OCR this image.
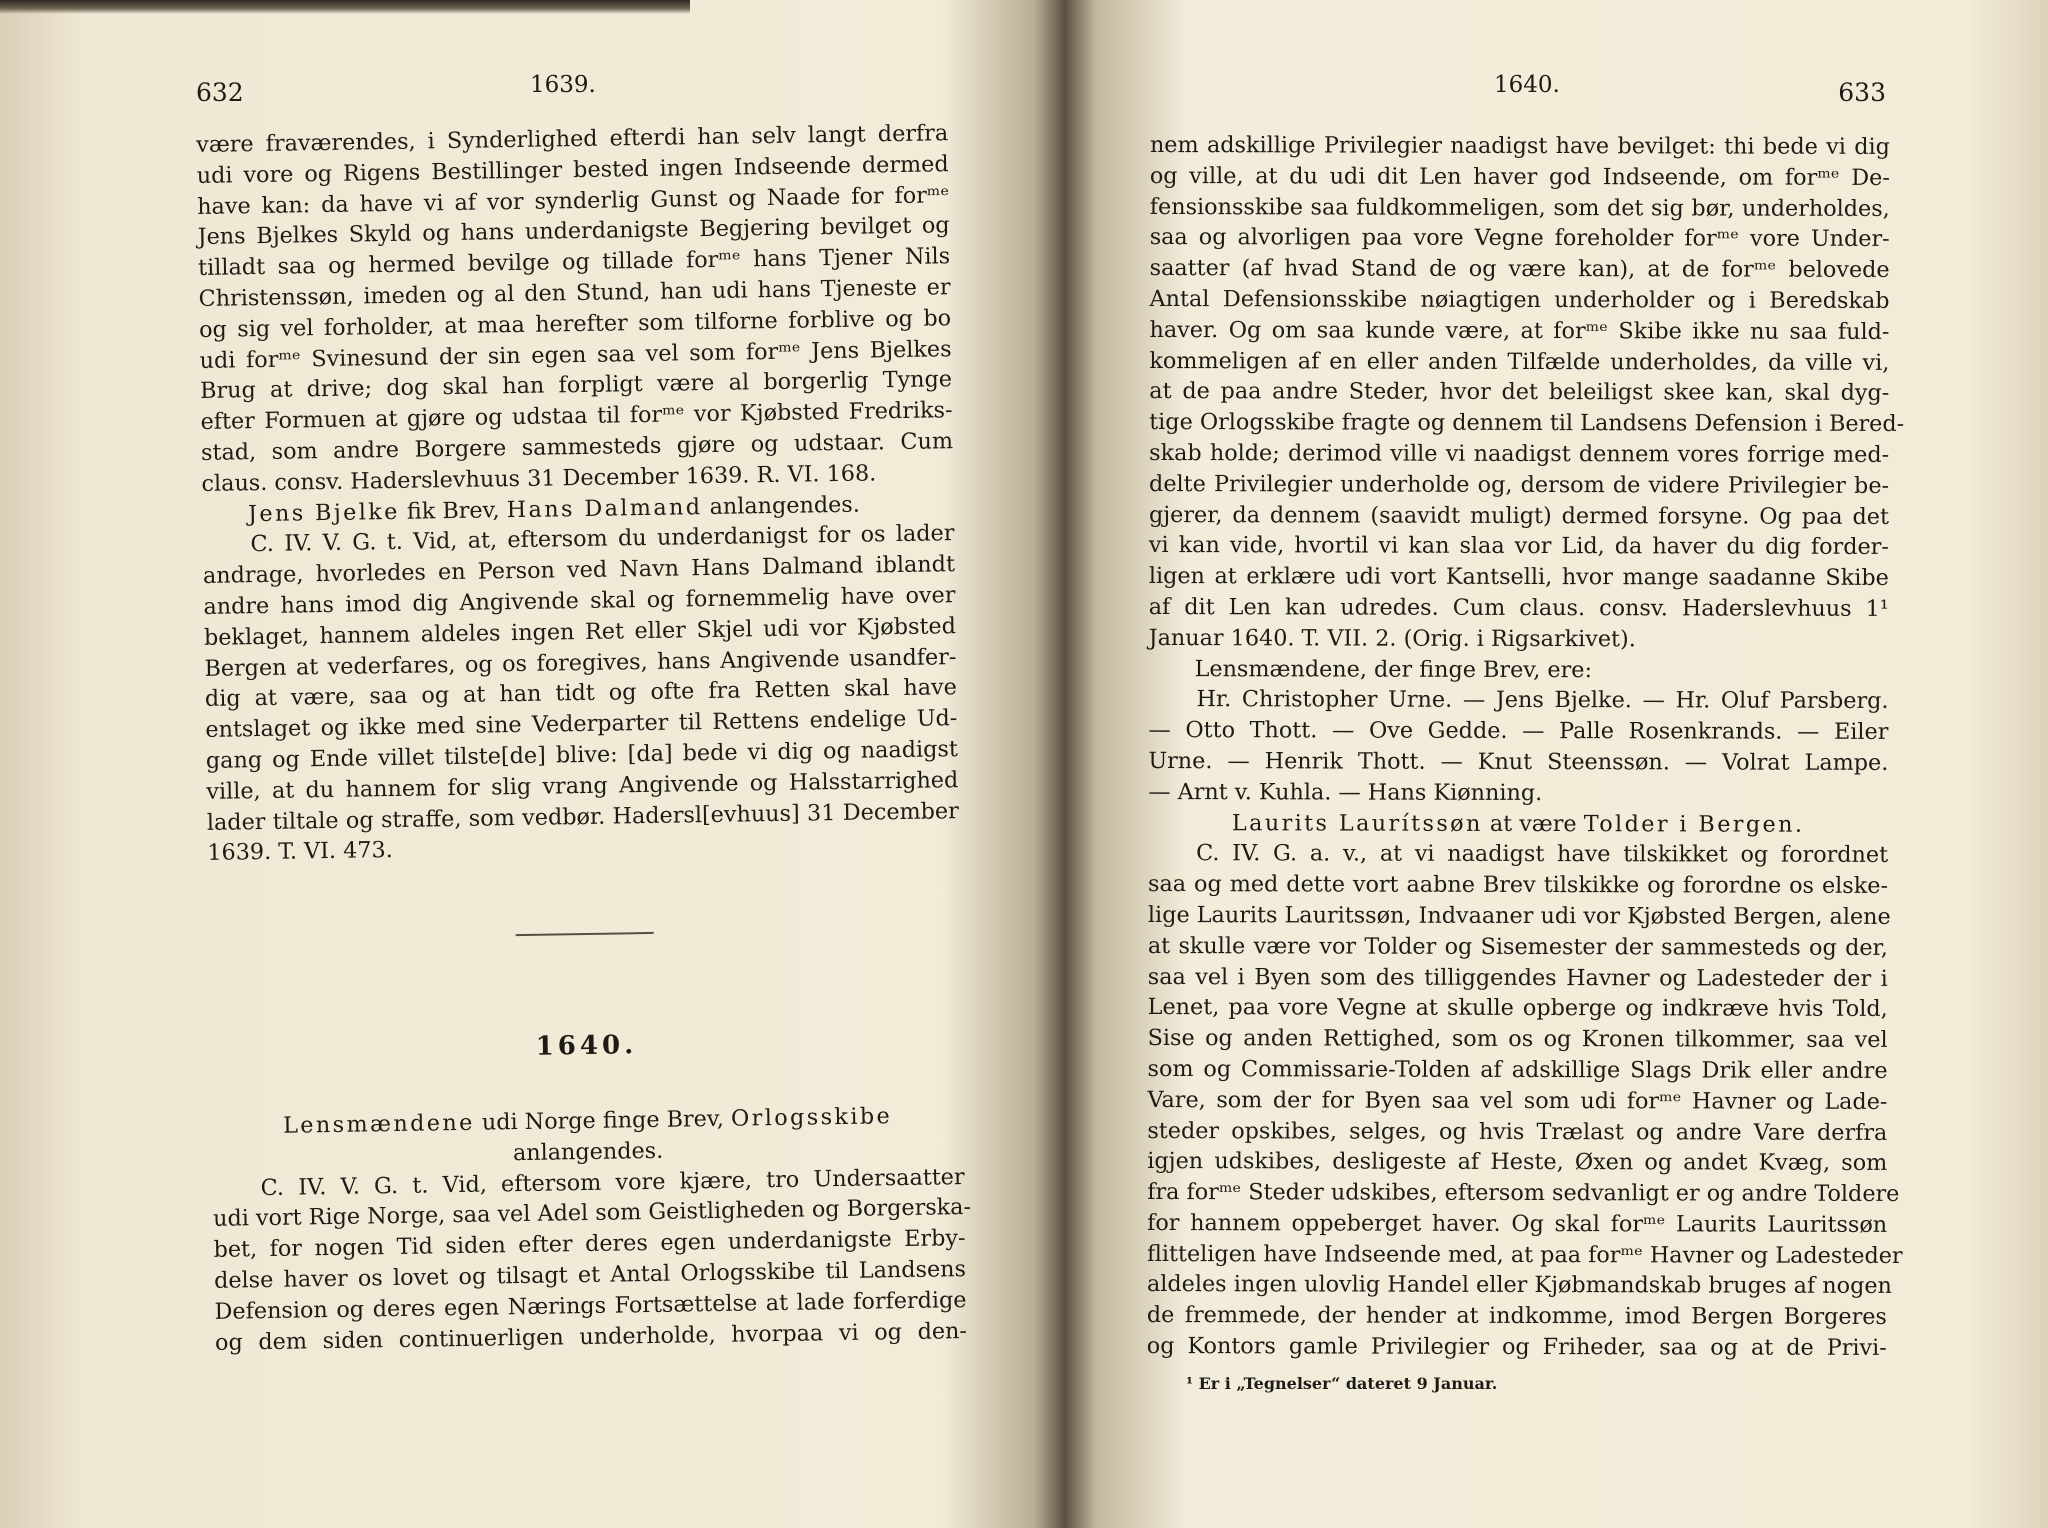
632	1639.
være fraværendes, i Synderlighed efterdi han selv langt derfra
udi vore og Rigens Bestillinger bested ingen Indseende dermed
have kan: da have vi af vor synderlig Gunst og Naade for forᵐᵉ
Jens Bjelkes Skyld og hans underdanigste Begjering bevilget og
tilladt saa og hermed bevilge og tillade forᵐᵉ hans Tjener Nils
Christenssøn, imeden og al den Stund, han udi hans Tjeneste er
og sig vel forholder, at maa herefter som tilforne forblive og bo
udi forᵐᵉ Svinesund der sin egen saa vel som forᵐᵉ Jens Bjelkes
Brug at drive; dog skal han forpligt være al borgerlig Tynge
efter Formuen at gjøre og udstaa til forᵐᵉ vor Kjøbsted Fredriks-
stad, som andre Borgere sammesteds gjøre og udstaar. Cum
claus. consv. Haderslevhuus 31 December 1639. R. VI. 168.
Jens Bjelke fik Brev, Hans Dalmand anlangendes.
C. IV. V. G. t. Vid, at, eftersom du underdanigst for os lader
andrage, hvorledes en Person ved Navn Hans Dalmand iblandt
andre hans imod dig Angivende skal og fornemmelig have over
beklaget, hannem aldeles ingen Ret eller Skjel udi vor Kjøbsted
Bergen at vederfares, og os foregives, hans Angivende usandfer-
dig at være, saa og at han tidt og ofte fra Retten skal have
entslaget og ikke med sine Vederparter til Rettens endelige Ud-
gang og Ende villet tilste[de] blive: [da] bede vi dig og naadigst
ville, at du hannem for slig vrang Angivende og Halsstarrighed
lader tiltale og straffe, som vedbør. Hadersl[evhuus] 31 December
1639. T. VI. 473.
1640.
Lensmændene udi Norge finge Brev, Orlogsskibe
anlangendes.
C. IV. V. G. t. Vid, eftersom vore kjære, tro Undersaatter
udi vort Rige Norge, saa vel Adel som Geistligheden og Borgerska-
bet, for nogen Tid siden efter deres egen underdanigste Erby-
delse haver os lovet og tilsagt et Antal Orlogsskibe til Landsens
Defension og deres egen Nærings Fortsættelse at lade forferdige
og dem siden continuerligen underholde, hvorpaa vi og den-
1640.	633
nem adskillige Privilegier naadigst have bevilget: thi bede vi dig
og ville, at du udi dit Len haver god Indseende, om forᵐᵉ De-
fensionsskibe saa fuldkommeligen, som det sig bør, underholdes,
saa og alvorligen paa vore Vegne foreholder forᵐᵉ vore Under-
saatter (af hvad Stand de og være kan), at de forᵐᵉ belovede
Antal Defensionsskibe nøiagtigen underholder og i Beredskab
haver. Og om saa kunde være, at forᵐᵉ Skibe ikke nu saa fuld-
kommeligen af en eller anden Tilfælde underholdes, da ville vi,
at de paa andre Steder, hvor det beleiligst skee kan, skal dyg-
tige Orlogsskibe fragte og dennem til Landsens Defension i Bered-
skab holde; derimod ville vi naadigst dennem vores forrige med-
delte Privilegier underholde og, dersom de videre Privilegier be-
gjerer, da dennem (saavidt muligt) dermed forsyne. Og paa det
vi kan vide, hvortil vi kan slaa vor Lid, da haver du dig forder-
ligen at erklære udi vort Kantselli, hvor mange saadanne Skibe
af dit Len kan udredes. Cum claus. consv. Haderslevhuus 1¹
Januar 1640. T. VII. 2. (Orig. i Rigsarkivet).
Lensmændene, der finge Brev, ere:
Hr. Christopher Urne. — Jens Bjelke. — Hr. Oluf Parsberg.
— Otto Thott. — Ove Gedde. — Palle Rosenkrands. — Eiler
Urne. — Henrik Thott. — Knut Steenssøn. — Volrat Lampe.
— Arnt v. Kuhla. — Hans Kiønning.
Laurits Laurítssøn at være Tolder i Bergen.
C. IV. G. a. v., at vi naadigst have tilskikket og forordnet
saa og med dette vort aabne Brev tilskikke og forordne os elske-
lige Laurits Lauritssøn, Indvaaner udi vor Kjøbsted Bergen, alene
at skulle være vor Tolder og Sisemester der sammesteds og der,
saa vel i Byen som des tilliggendes Havner og Ladesteder der i
Lenet, paa vore Vegne at skulle opberge og indkræve hvis Told,
Sise og anden Rettighed, som os og Kronen tilkommer, saa vel
som og Commissarie-Tolden af adskillige Slags Drik eller andre
Vare, som der for Byen saa vel som udi forᵐᵉ Havner og Lade-
steder opskibes, selges, og hvis Trælast og andre Vare derfra
igjen udskibes, desligeste af Heste, Øxen og andet Kvæg, som
fra forᵐᵉ Steder udskibes, eftersom sedvanligt er og andre Toldere
for hannem oppeberget haver. Og skal forᵐᵉ Laurits Lauritssøn
flitteligen have Indseende med, at paa forᵐᵉ Havner og Ladesteder
aldeles ingen ulovlig Handel eller Kjøbmandskab bruges af nogen
de fremmede, der hender at indkomme, imod Bergen Borgeres
og Kontors gamle Privilegier og Friheder, saa og at de Privi-
¹ Er i „Tegnelser“ dateret 9 Januar.
